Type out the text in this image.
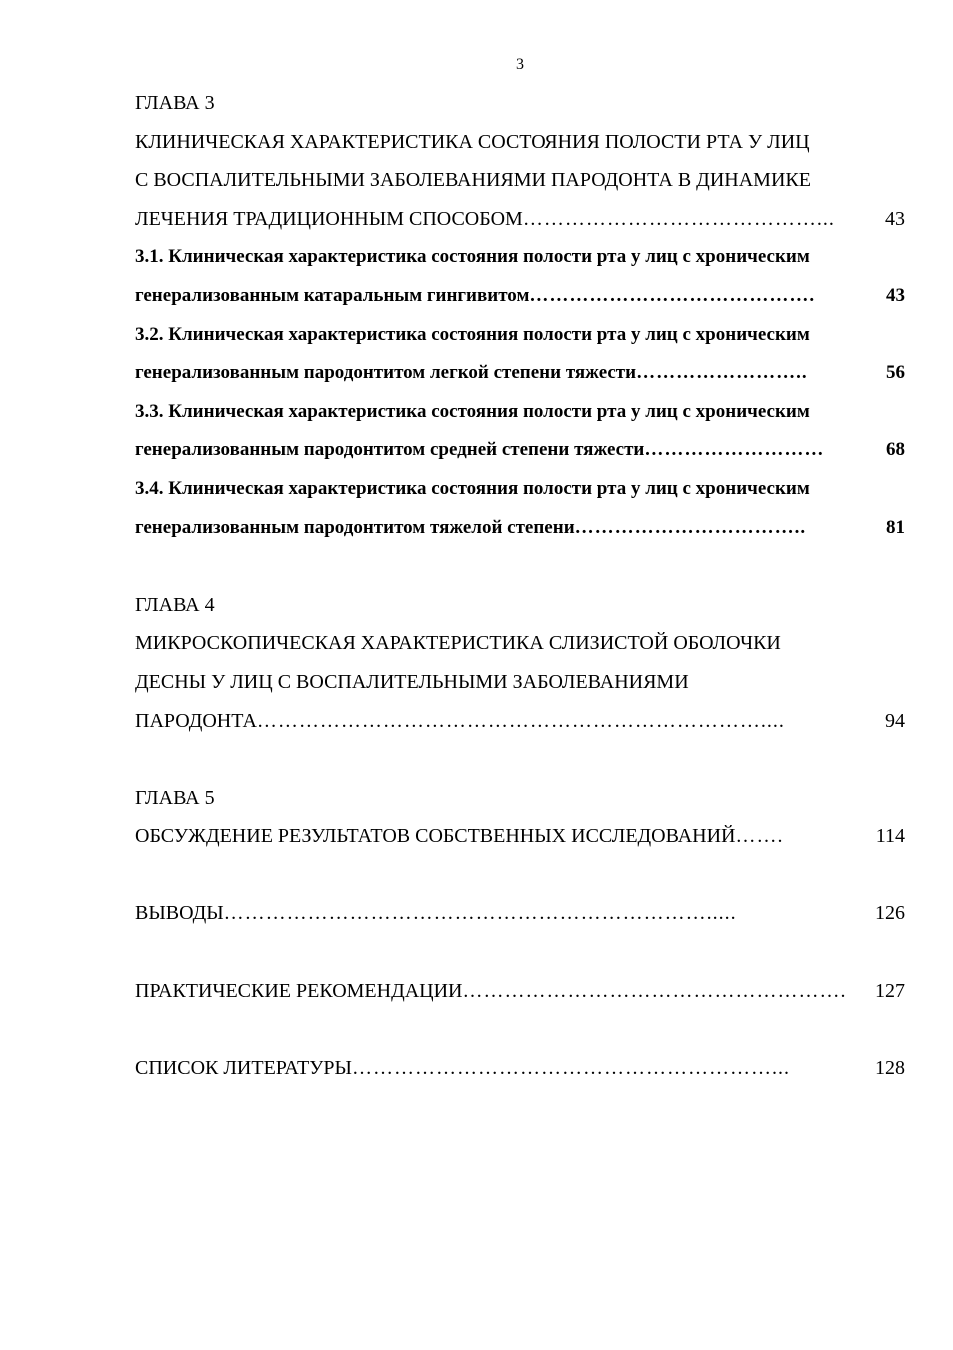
3
ГЛАВА 3
КЛИНИЧЕСКАЯ ХАРАКТЕРИСТИКА СОСТОЯНИЯ ПОЛОСТИ РТА У ЛИЦ
С ВОСПАЛИТЕЛЬНЫМИ ЗАБОЛЕВАНИЯМИ ПАРОДОНТА В ДИНАМИКЕ
ЛЕЧЕНИЯ ТРАДИЦИОННЫМ СПОСОБОМ ……………………………………...	43
3.1. Клиническая характеристика состояния полости рта у лиц с хроническим
генерализованным катаральным гингивитом …………………………………….	43
3.2. Клиническая характеристика состояния полости рта у лиц с хроническим
генерализованным пародонтитом легкой степени тяжести ……………………..	56
3.3. Клиническая характеристика состояния полости рта у лиц с хроническим
генерализованным пародонтитом средней степени тяжести ………………………	68
3.4. Клиническая характеристика состояния полости рта у лиц с хроническим
генерализованным пародонтитом тяжелой степени ……………………………..	81
ГЛАВА 4
МИКРОСКОПИЧЕСКАЯ ХАРАКТЕРИСТИКА СЛИЗИСТОЙ ОБОЛОЧКИ
ДЕСНЫ У ЛИЦ С ВОСПАЛИТЕЛЬНЫМИ ЗАБОЛЕВАНИЯМИ
ПАРОДОНТА ………………………………………………………………....	94
ГЛАВА 5
ОБСУЖДЕНИЕ РЕЗУЛЬТАТОВ СОБСТВЕННЫХ ИССЛЕДОВАНИЙ …….	114
ВЫВОДЫ …………………………………………………………….....	126
ПРАКТИЧЕСКИЕ РЕКОМЕНДАЦИИ ……………………………………………….	127
СПИСОК ЛИТЕРАТУРЫ ……………………………………………………...	128
